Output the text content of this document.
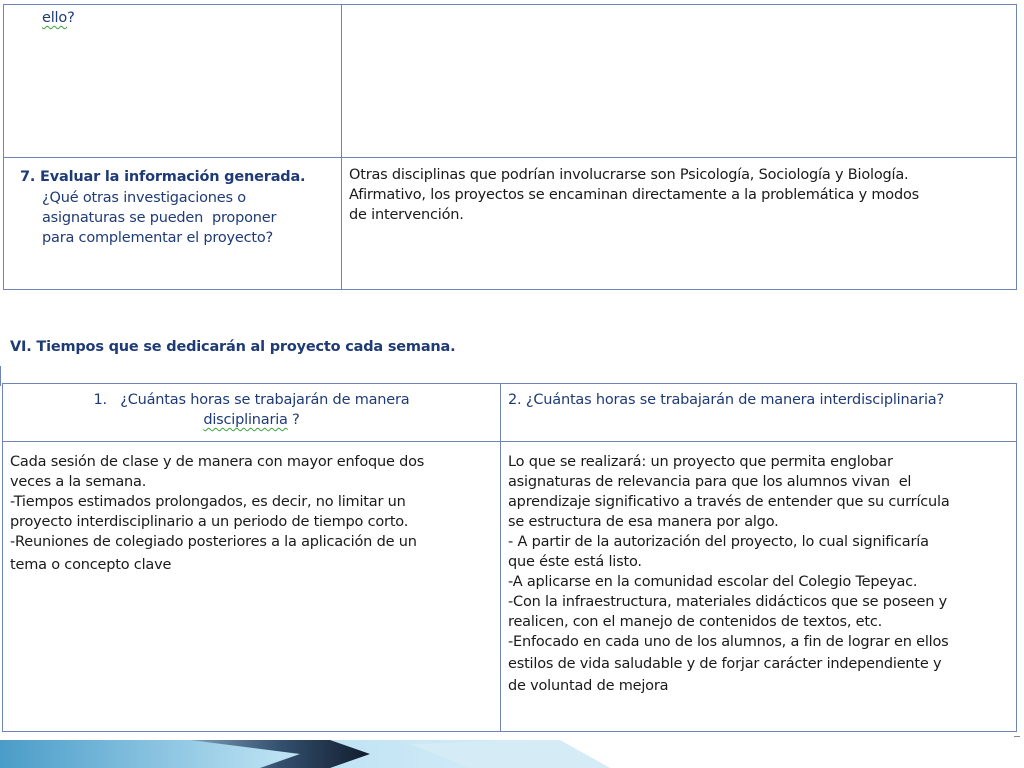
ello?
7. Evaluar la información generada.
¿Qué otras investigaciones o
asignaturas se pueden  proponer
para complementar el proyecto?
Otras disciplinas que podrían involucrarse son Psicología, Sociología y Biología.
Afirmativo, los proyectos se encaminan directamente a la problemática y modos
de intervención.
VI. Tiempos que se dedicarán al proyecto cada semana.
1. ¿Cuántas horas se trabajarán de manera
disciplinaria ?
2. ¿Cuántas horas se trabajarán de manera interdisciplinaria?
Cada sesión de clase y de manera con mayor enfoque dos
veces a la semana.
-Tiempos estimados prolongados, es decir, no limitar un
proyecto interdisciplinario a un periodo de tiempo corto.
-Reuniones de colegiado posteriores a la aplicación de un
tema o concepto clave
Lo que se realizará: un proyecto que permita englobar
asignaturas de relevancia para que los alumnos vivan  el
aprendizaje significativo a través de entender que su currícula
se estructura de esa manera por algo.
- A partir de la autorización del proyecto, lo cual significaría
que éste está listo.
-A aplicarse en la comunidad escolar del Colegio Tepeyac.
-Con la infraestructura, materiales didácticos que se poseen y
realicen, con el manejo de contenidos de textos, etc.
-Enfocado en cada uno de los alumnos, a fin de lograr en ellos
estilos de vida saludable y de forjar carácter independiente y
de voluntad de mejora
